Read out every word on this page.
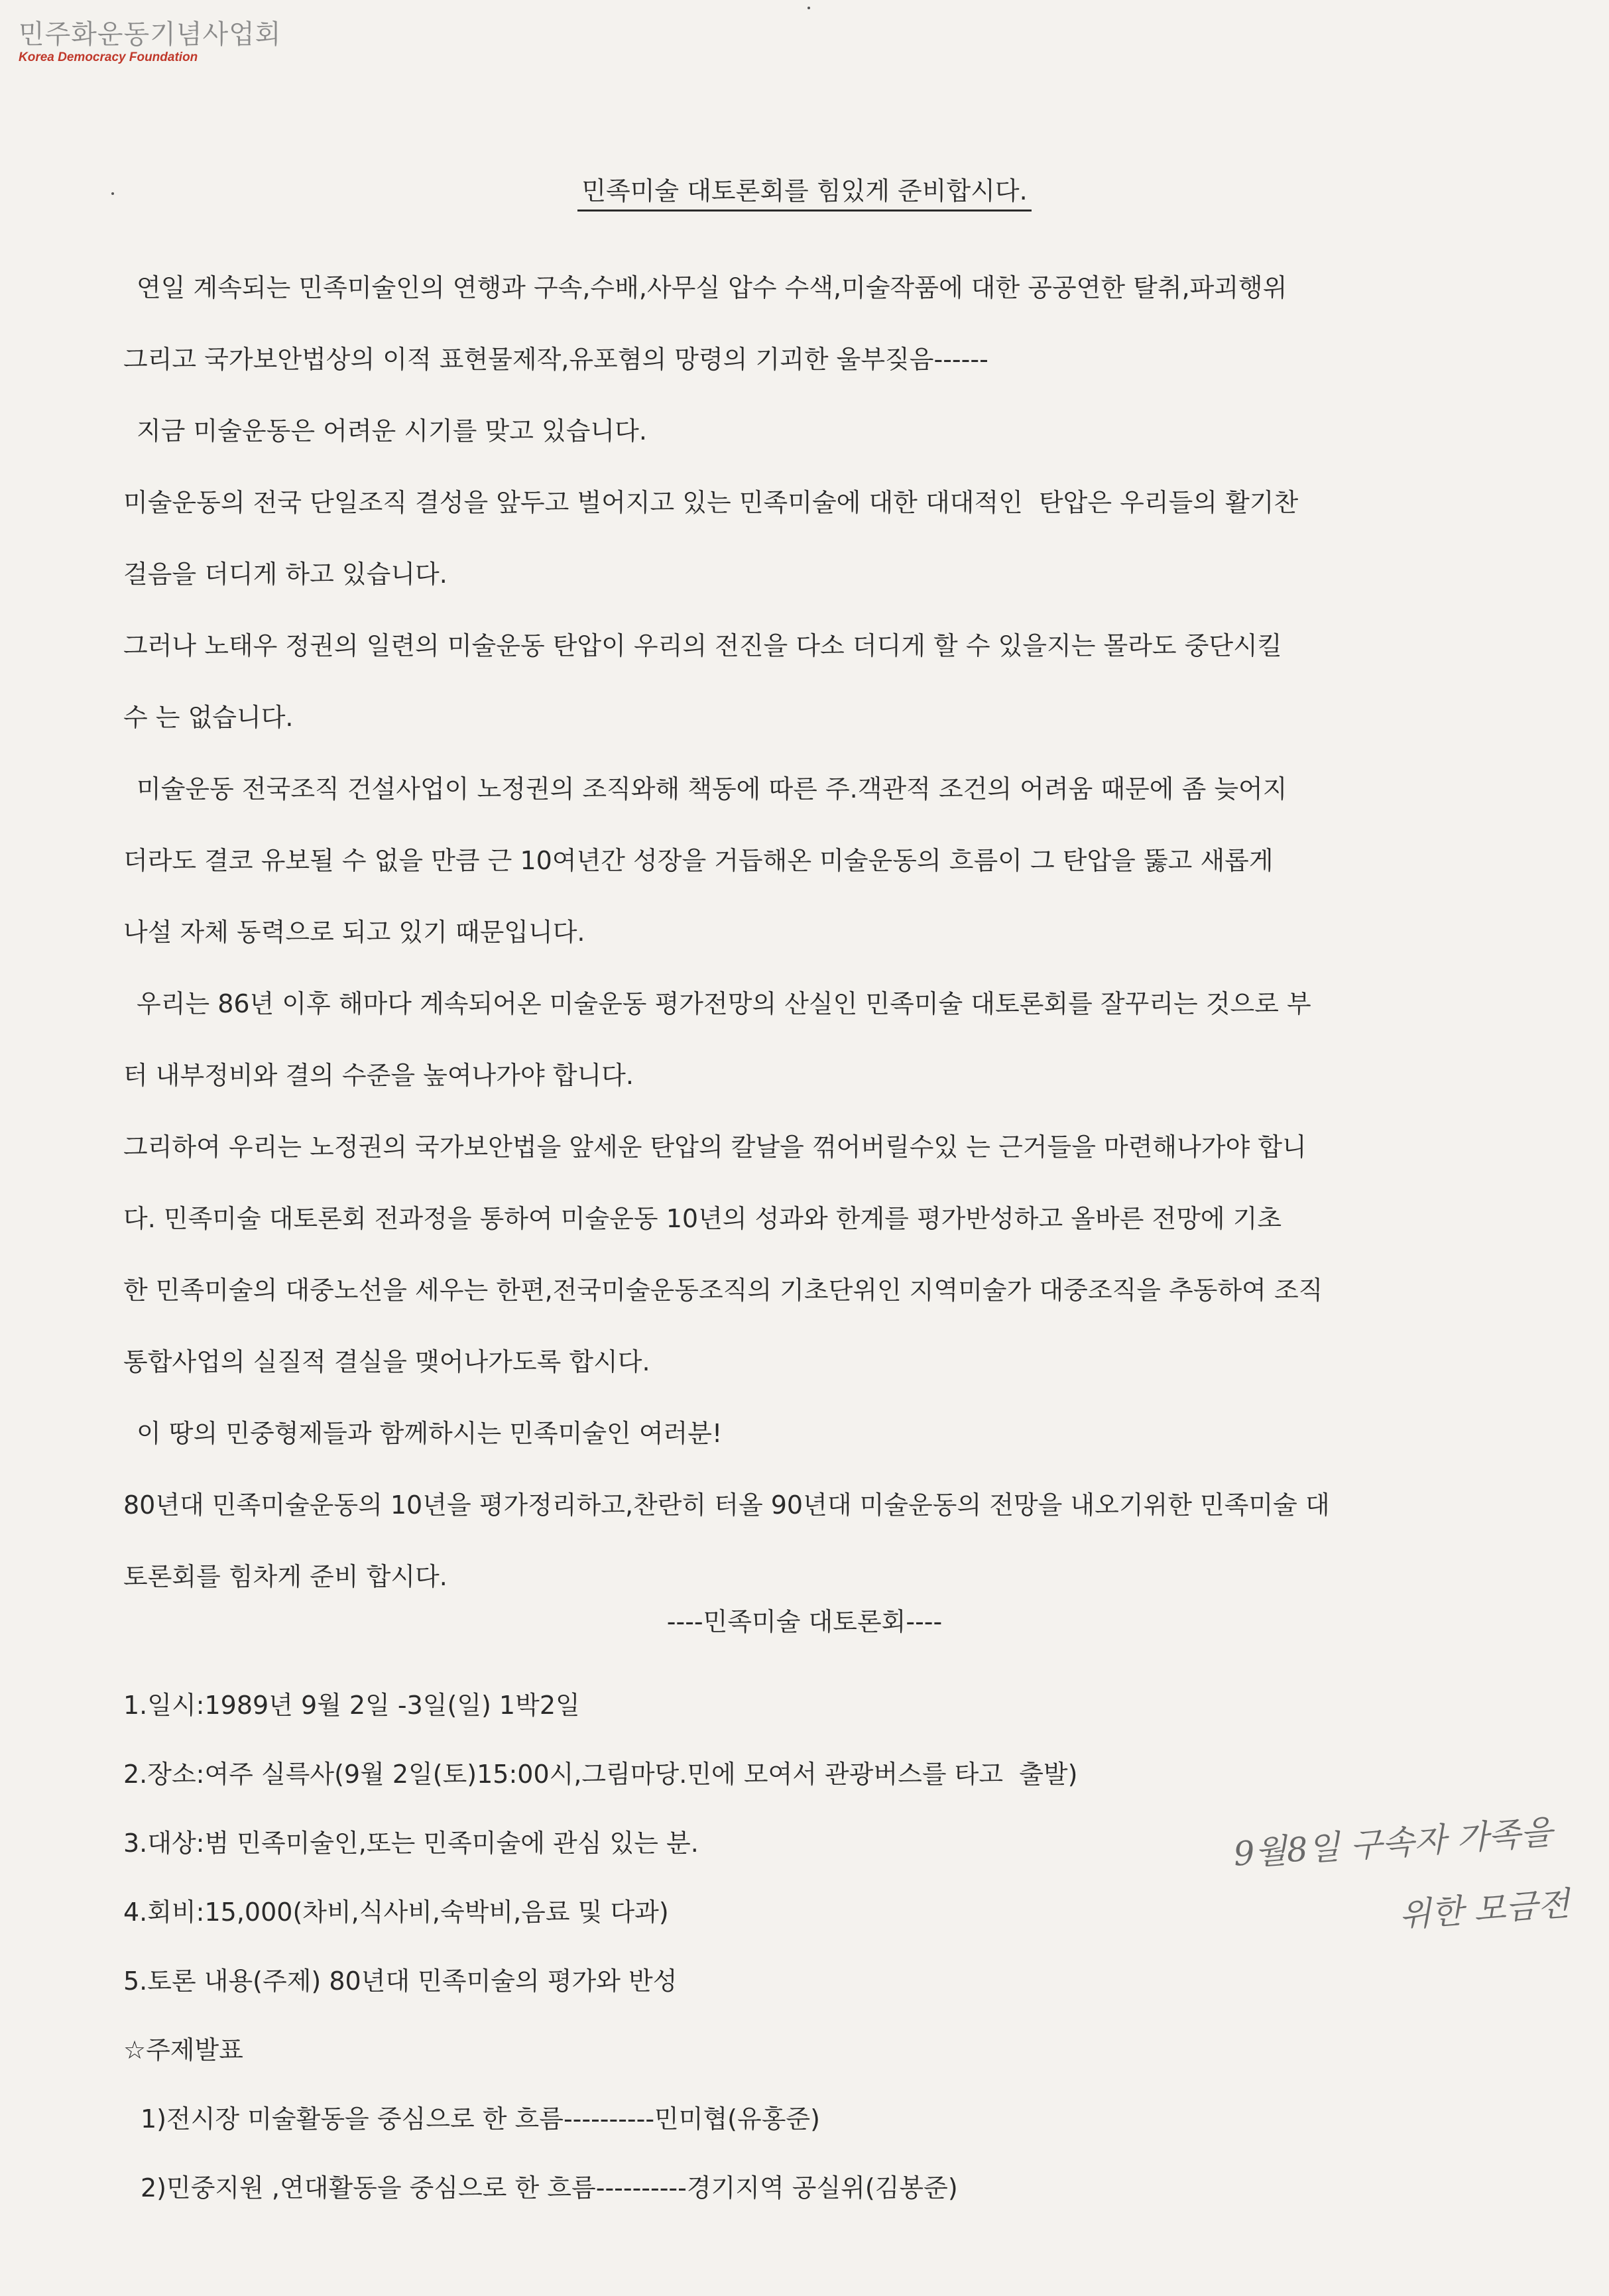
민주화운동기념사업회
Korea Democracy Foundation
민족미술 대토론회를 힘있게 준비합시다.

연일 계속되는 민족미술인의 연행과 구속,수배,사무실 압수 수색,미술작품에 대한 공공연한 탈취,파괴행위

그리고 국가보안법상의 이적 표현물제작,유포혐의 망령의 기괴한 울부짖음------

지금 미술운동은 어려운 시기를 맞고 있습니다.

미술운동의 전국 단일조직 결성을 앞두고 벌어지고 있는 민족미술에 대한 대대적인  탄압은 우리들의 활기찬

걸음을 더디게 하고 있습니다.

그러나 노태우 정권의 일련의 미술운동 탄압이 우리의 전진을 다소 더디게 할 수 있을지는 몰라도 중단시킬

수 는 없습니다.

미술운동 전국조직 건설사업이 노정권의 조직와해 책동에 따른 주.객관적 조건의 어려움 때문에 좀 늦어지

더라도 결코 유보될 수 없을 만큼 근 10여년간 성장을 거듭해온 미술운동의 흐름이 그 탄압을 뚫고 새롭게

나설 자체 동력으로 되고 있기 때문입니다.

우리는 86년 이후 해마다 계속되어온 미술운동 평가전망의 산실인 민족미술 대토론회를 잘꾸리는 것으로 부

터 내부정비와 결의 수준을 높여나가야 합니다.

그리하여 우리는 노정권의 국가보안법을 앞세운 탄압의 칼날을 꺾어버릴수있 는 근거들을 마련해나가야 합니

다. 민족미술 대토론회 전과정을 통하여 미술운동 10년의 성과와 한계를 평가반성하고 올바른 전망에 기초

한 민족미술의 대중노선을 세우는 한편,전국미술운동조직의 기초단위인 지역미술가 대중조직을 추동하여 조직

통합사업의 실질적 결실을 맺어나가도록 합시다.

이 땅의 민중형제들과 함께하시는 민족미술인 여러분!

80년대 민족미술운동의 10년을 평가정리하고,찬란히 터올 90년대 미술운동의 전망을 내오기위한 민족미술 대

토론회를 힘차게 준비 합시다.

----민족미술 대토론회----
1.일시:1989년 9월 2일 -3일(일) 1박2일
2.장소:여주 실륵사(9월 2일(토)15:00시,그림마당.민에 모여서 관광버스를 타고  출발)
3.대상:범 민족미술인,또는 민족미술에 관심 있는 분.
4.회비:15,000(차비,식사비,숙박비,음료 및 다과)
5.토론 내용(주제) 80년대 민족미술의 평가와 반성
☆주제발표
1)전시장 미술활동을 중심으로 한 흐름----------민미협(유홍준)
2)민중지원 ,연대활동을 중심으로 한 흐름----------경기지역 공실위(김봉준)
9월8일 구속자 가족을
위한 모금전
